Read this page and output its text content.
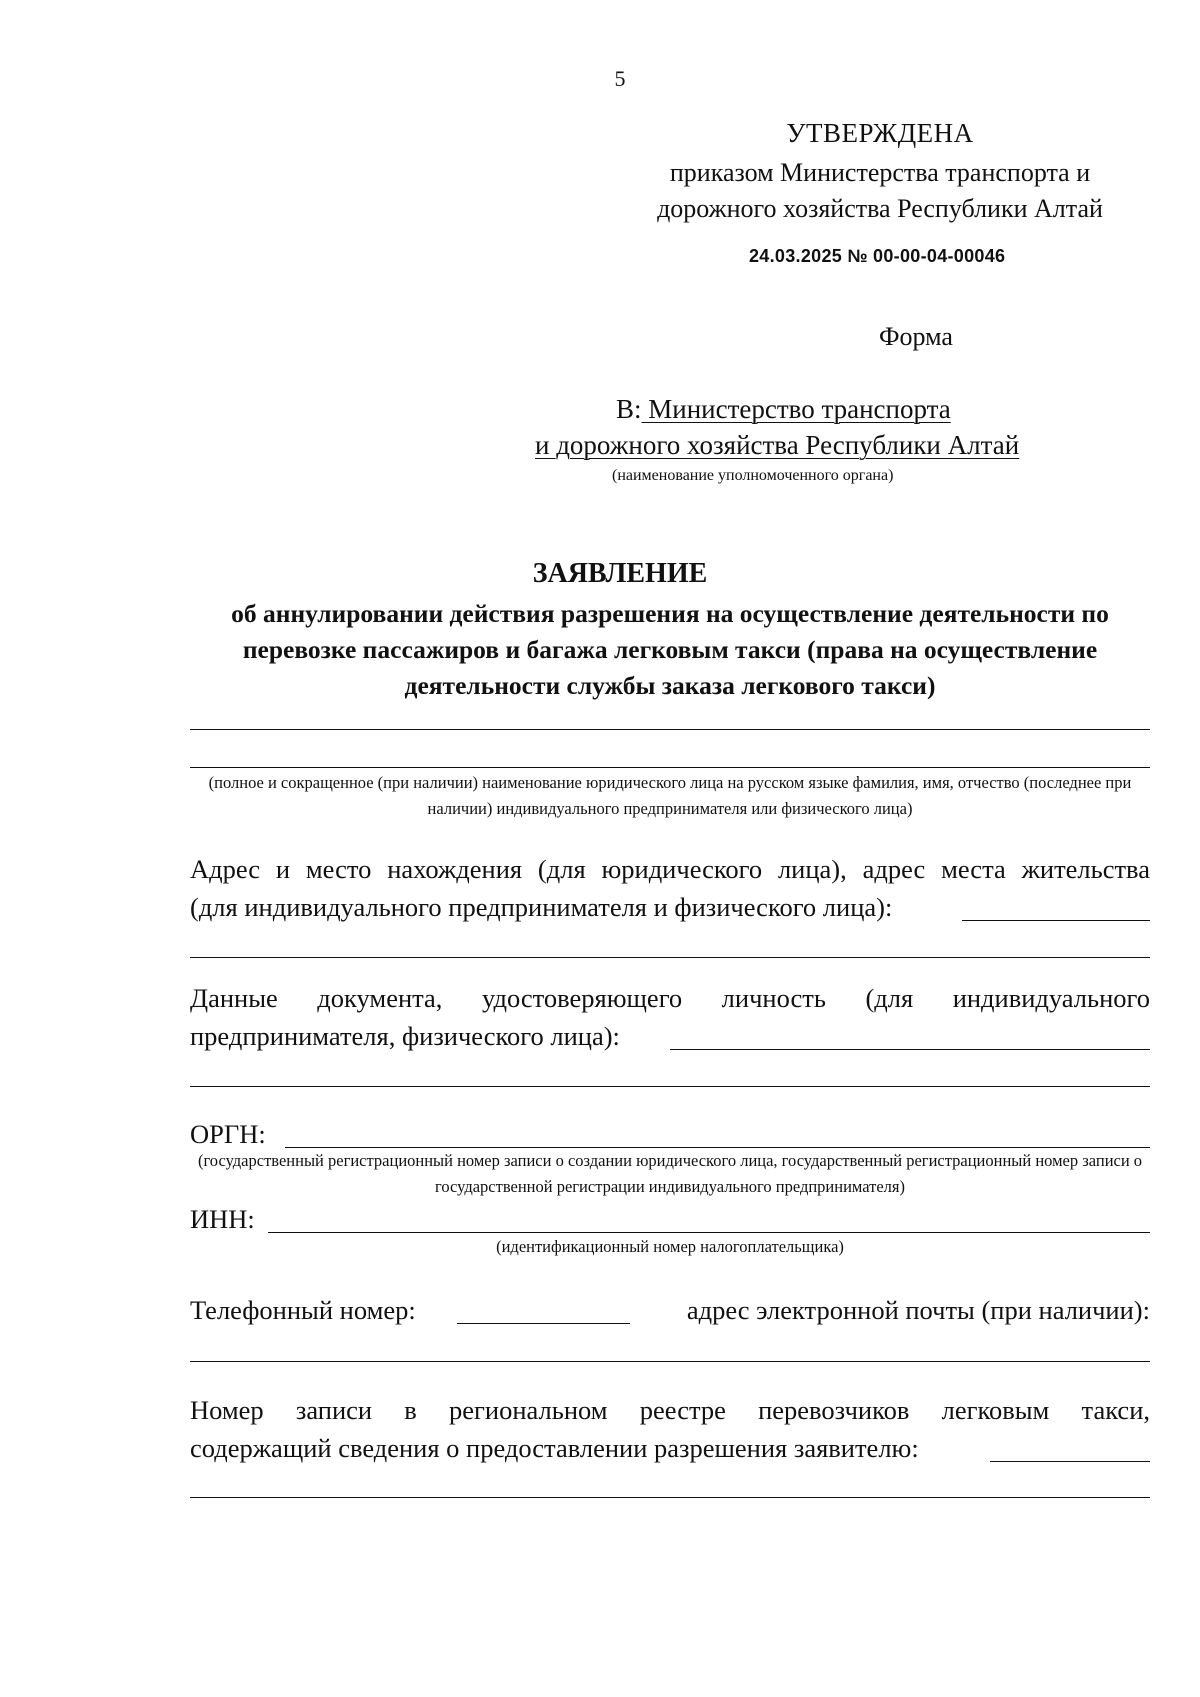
5
УТВЕРЖДЕНА
приказом Министерства транспорта и
дорожного хозяйства Республики Алтай
24.03.2025 № 00-00-04-00046
Форма
В: Министерство транспорта
и дорожного хозяйства Республики Алтай
(наименование уполномоченного органа)
ЗАЯВЛЕНИЕ
об аннулировании действия разрешения на осуществление деятельности по перевозке пассажиров и багажа легковым такси (права на осуществление деятельности службы заказа легкового такси)
(полное и сокращенное (при наличии) наименование юридического лица на русском языке фамилия, имя, отчество (последнее при наличии) индивидуального предпринимателя или физического лица)
Адрес и место нахождения (для юридического лица), адрес места жительства
(для индивидуального предпринимателя и физического лица):
Данные документа, удостоверяющего личность (для индивидуального
предпринимателя, физического лица):
ОРГН:
(государственный регистрационный номер записи о создании юридического лица, государственный регистрационный номер записи о государственной регистрации индивидуального предпринимателя)
ИНН:
(идентификационный номер налогоплательщика)
Телефонный номер:	адрес электронной почты (при наличии):
Номер записи в региональном реестре перевозчиков легковым такси,
содержащий сведения о предоставлении разрешения заявителю:
